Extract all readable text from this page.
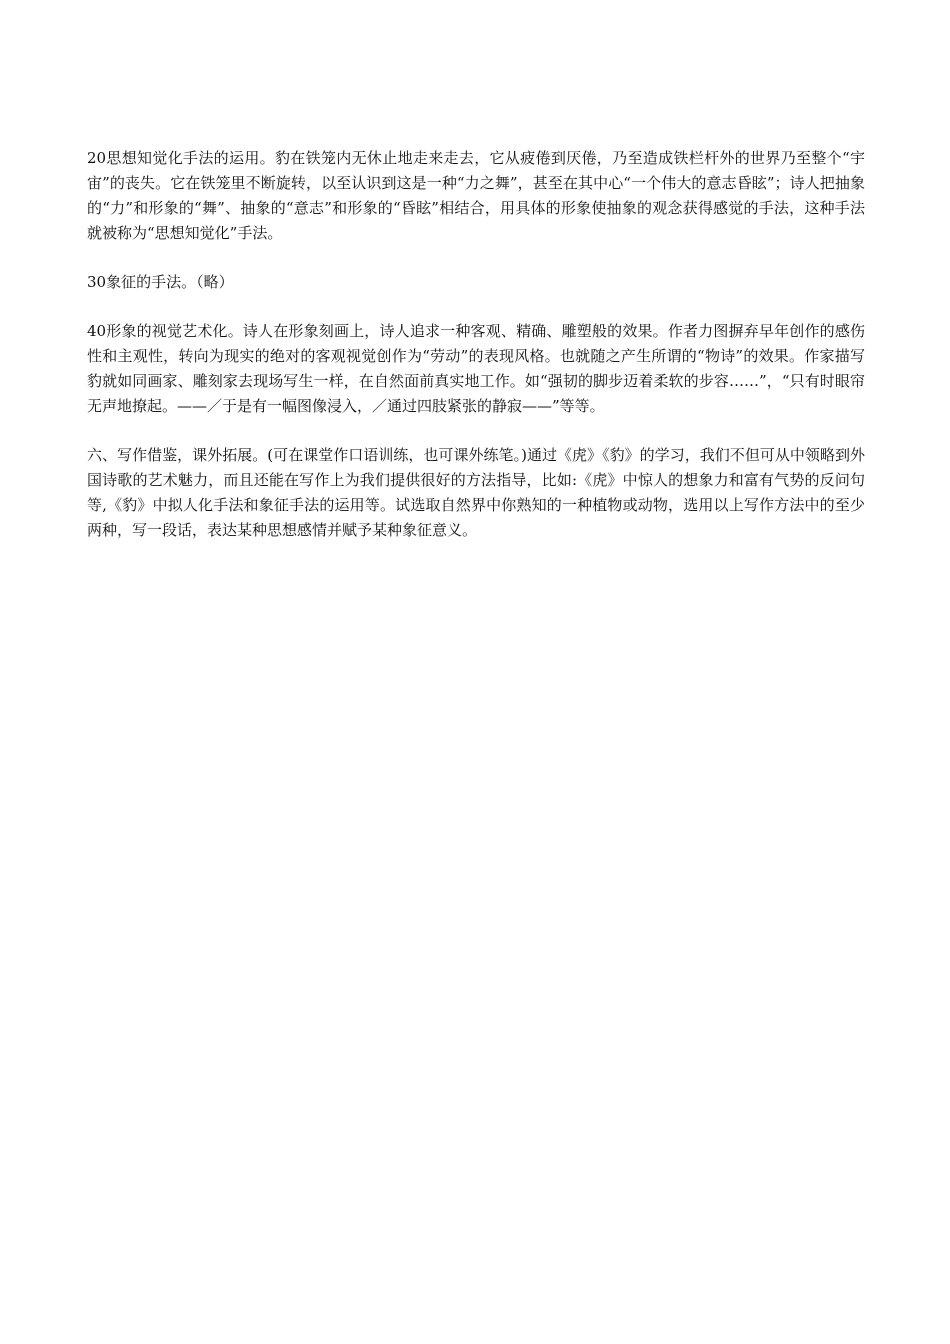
20思想知觉化手法的运用。豹在铁笼内无休止地走来走去，它从疲倦到厌倦，乃至造成铁栏杆外的世界乃至整个“宇宙”的丧失。它在铁笼里不断旋转，以至认识到这是一种“力之舞”，甚至在其中心“一个伟大的意志昏眩”；诗人把抽象的“力”和形象的“舞”、抽象的“意志”和形象的“昏眩”相结合，用具体的形象使抽象的观念获得感觉的手法，这种手法就被称为“思想知觉化”手法。

30象征的手法。（略）

40形象的视觉艺术化。诗人在形象刻画上，诗人追求一种客观、精确、雕塑般的效果。作者力图摒弃早年创作的感伤性和主观性，转向为现实的绝对的客观视觉创作为“劳动”的表现风格。也就随之产生所谓的“物诗”的效果。作家描写豹就如同画家、雕刻家去现场写生一样，在自然面前真实地工作。如“强韧的脚步迈着柔软的步容……”，“只有时眼帘无声地撩起。——／于是有一幅图像浸入，／通过四肢紧张的静寂——”等等。

六、写作借鉴，课外拓展。(可在课堂作口语训练，也可课外练笔。)通过《虎》《豹》的学习，我们不但可从中领略到外国诗歌的艺术魅力，而且还能在写作上为我们提供很好的方法指导，比如:《虎》中惊人的想象力和富有气势的反问句等,《豹》中拟人化手法和象征手法的运用等。试选取自然界中你熟知的一种植物或动物，选用以上写作方法中的至少两种，写一段话，表达某种思想感情并赋予某种象征意义。
